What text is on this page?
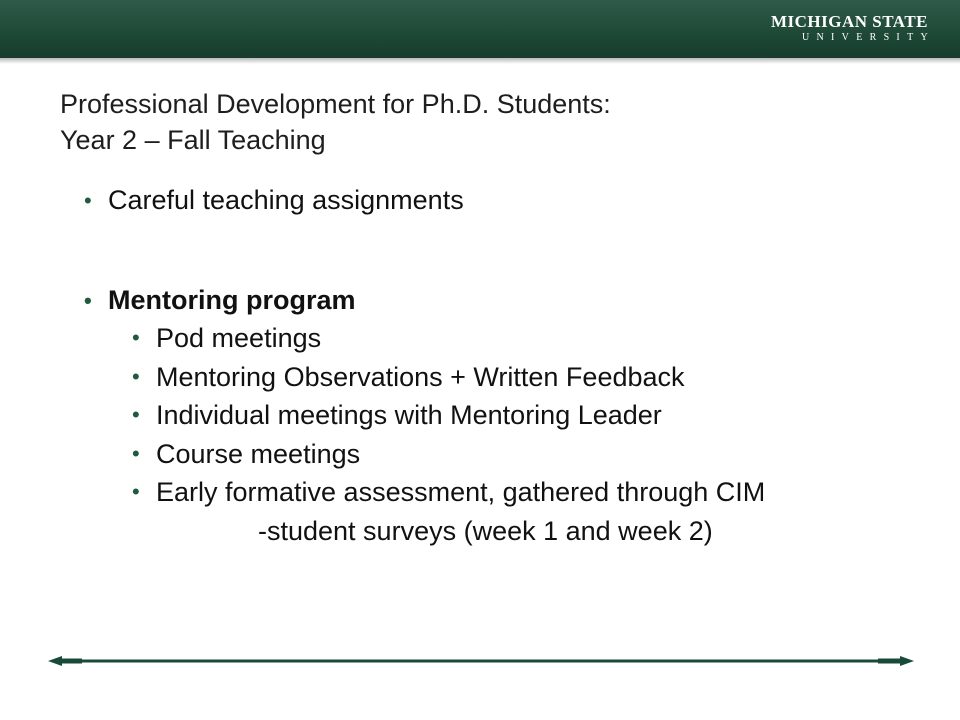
MICHIGAN STATE
UNIVERSITY
Professional Development for Ph.D. Students:
Year 2 – Fall Teaching
• Careful teaching assignments
• Mentoring program
• Pod meetings
• Mentoring Observations + Written Feedback
• Individual meetings with Mentoring Leader
• Course meetings
• Early formative assessment, gathered through CIM
-student surveys (week 1 and week 2)
